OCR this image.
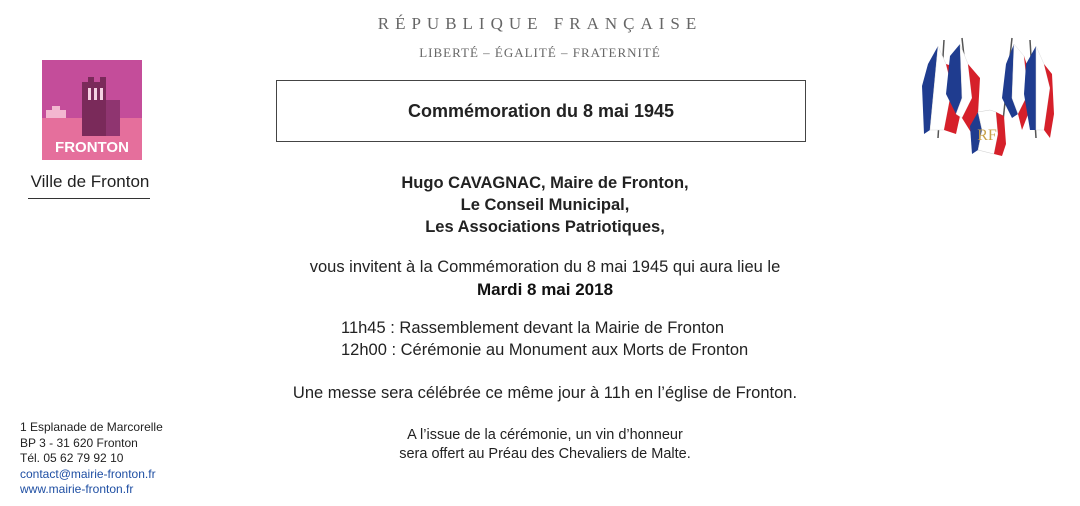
RÉPUBLIQUE FRANÇAISE
LIBERTÉ – ÉGALITÉ – FRATERNITÉ
FRONTON
Ville de Fronton
RF
Commémoration du 8 mai 1945
Hugo CAVAGNAC, Maire de Fronton,
Le Conseil Municipal,
Les Associations Patriotiques,
vous invitent à la Commémoration du 8 mai 1945 qui aura lieu le
Mardi 8 mai 2018
11h45 : Rassemblement devant la Mairie de Fronton
12h00 : Cérémonie au Monument aux Morts de Fronton
Une messe sera célébrée ce même jour à 11h en l’église de Fronton.
A l’issue de la cérémonie, un vin d’honneur
sera offert au Préau des Chevaliers de Malte.
1 Esplanade de Marcorelle
BP 3 - 31 620 Fronton
Tél. 05 62 79 92 10
contact@mairie-fronton.fr
www.mairie-fronton.fr
